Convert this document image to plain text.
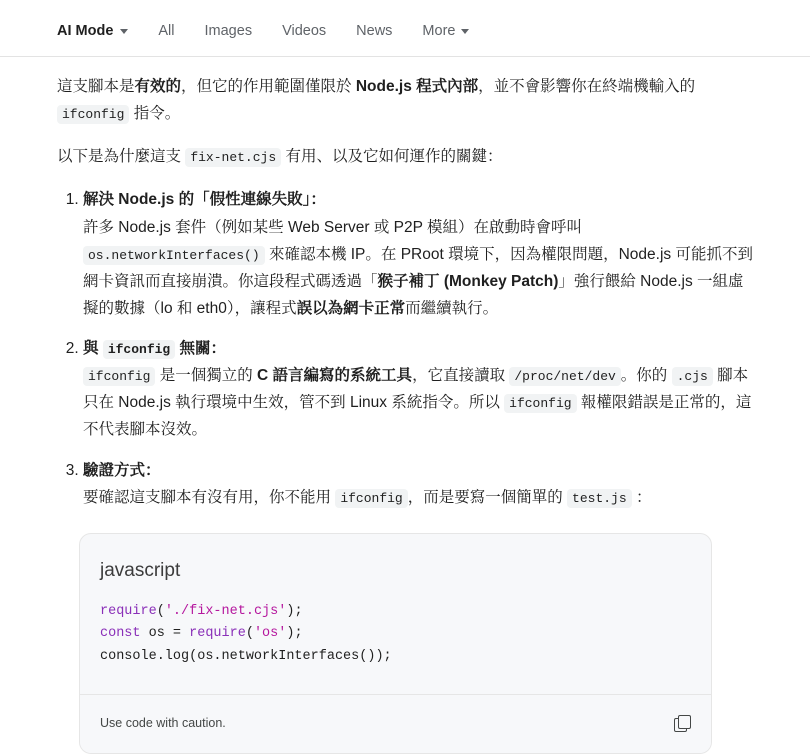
AI Mode	All Images Videos News More

這支腳本是有效的，但它的作用範圍僅限於 Node.js 程式內部，並不會影響你在終端機輸入的 ifconfig 指令。

以下是為什麼這支 fix-net.cjs 有用、以及它如何運作的關鍵：

1. 解決 Node.js 的「假性連線失敗」：
許多 Node.js 套件（例如某些 Web Server 或 P2P 模組）在啟動時會呼叫 os.networkInterfaces() 來確認本機 IP。在 PRoot 環境下，因為權限問題，Node.js 可能抓不到網卡資訊而直接崩潰。你這段程式碼透過「猴子補丁 (Monkey Patch)」強行餵給 Node.js 一組虛擬的數據（lo 和 eth0），讓程式誤以為網卡正常而繼續執行。
2. 與 ifconfig 無關：
ifconfig 是一個獨立的 C 語言編寫的系統工具，它直接讀取 /proc/net/dev 。你的 .cjs 腳本只在 Node.js 執行環境中生效，管不到 Linux 系統指令。所以 ifconfig 報權限錯誤是正常的，這不代表腳本沒效。
3. 驗證方式：
要確認這支腳本有沒有用，你不能用 ifconfig ，而是要寫一個簡單的 test.js ：
javascript
require('./fix-net.cjs');
const os = require('os');
console.log(os.networkInterfaces());
Use code with caution.
